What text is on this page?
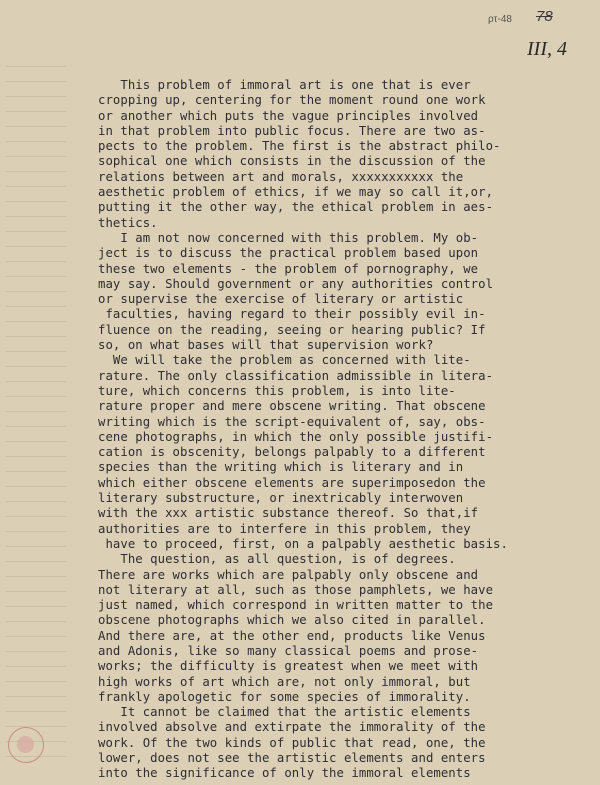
ρτ-48 78
III, 4
This problem of immoral art is one that is ever
cropping up, centering for the moment round one work
or another which puts the vague principles involved
in that problem into public focus. There are two as-
pects to the problem. The first is the abstract philo-
sophical one which consists in the discussion of the
relations between art and morals, xxxxxxxxxxx the
aesthetic problem of ethics, if we may so call it,or,
putting it the other way, the ethical problem in aes-
thetics.
I am not now concerned with this problem. My ob-
ject is to discuss the practical problem based upon
these two elements - the problem of pornography, we
may say. Should government or any authorities control
or supervise the exercise of literary or artistic
faculties, having regard to their possibly evil in-
fluence on the reading, seeing or hearing public? If
so, on what bases will that supervision work?
We will take the problem as concerned with lite-
rature. The only classification admissible in litera-
ture, which concerns this problem, is into lite-
rature proper and mere obscene writing. That obscene
writing which is the script-equivalent of, say, obs-
cene photographs, in which the only possible justifi-
cation is obscenity, belongs palpably to a different
species than the writing which is literary and in
which either obscene elements are superimposedon the
literary substructure, or inextricably interwoven
with the xxx artistic substance thereof. So that,if
authorities are to interfere in this problem, they
have to proceed, first, on a palpably aesthetic basis.
The question, as all question, is of degrees.
There are works which are palpably only obscene and
not literary at all, such as those pamphlets, we have
just named, which correspond in written matter to the
obscene photographs which we also cited in parallel.
And there are, at the other end, products like Venus
and Adonis, like so many classical poems and prose-
works; the difficulty is greatest when we meet with
high works of art which are, not only immoral, but
frankly apologetic for some species of immorality.
It cannot be claimed that the artistic elements
involved absolve and extirpate the immorality of the
work. Of the two kinds of public that read, one, the
lower, does not see the artistic elements and enters
into the significance of only the immoral elements
